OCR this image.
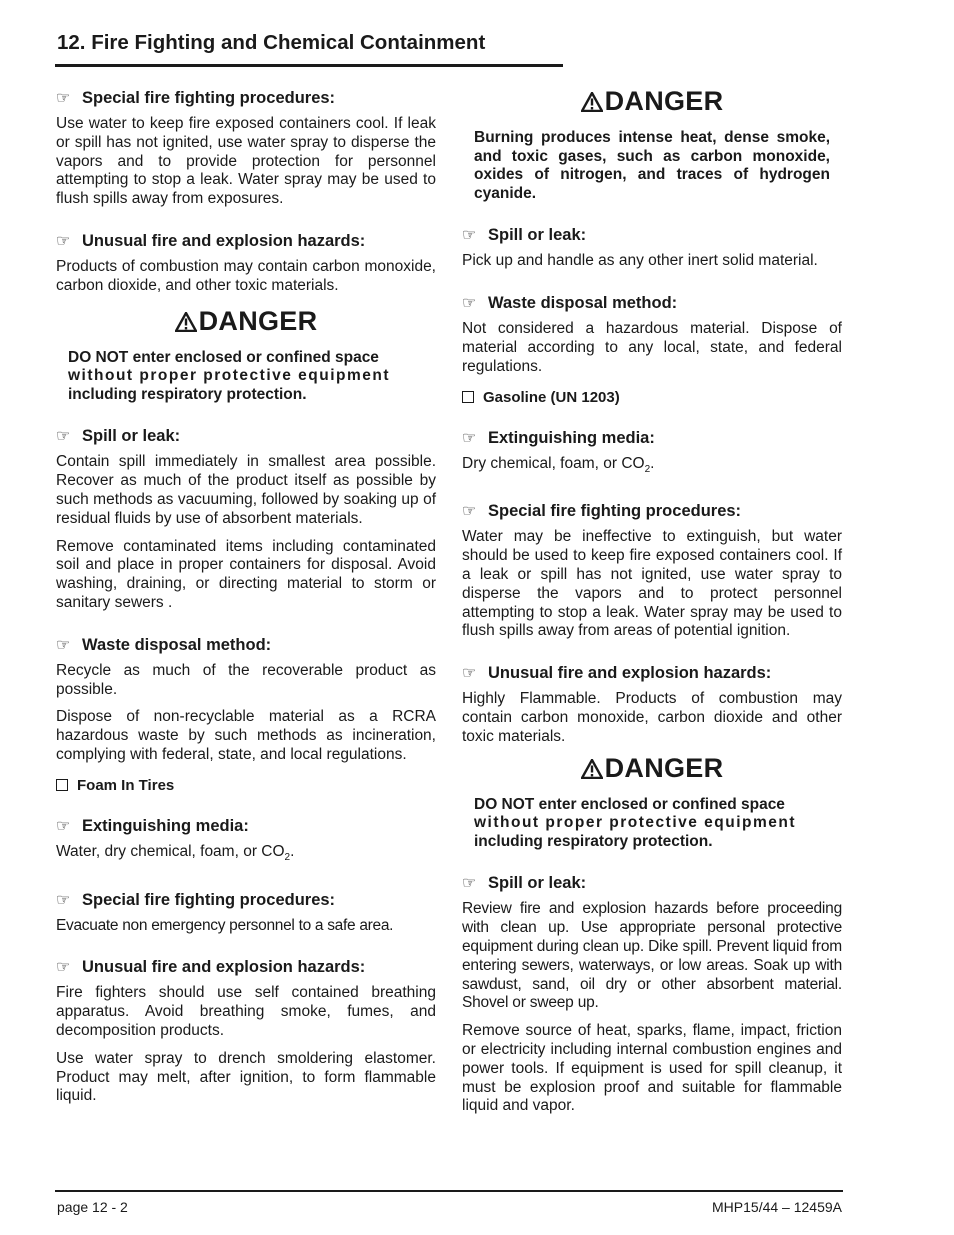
12. Fire Fighting and Chemical Containment
☞ Special fire fighting procedures:

Use water to keep fire exposed containers cool. If leak or spill has not ignited, use water spray to disperse the vapors and to provide protection for personnel attempting to stop a leak. Water spray may be used to flush spills away from exposures.

☞ Unusual fire and explosion hazards:

Products of combustion may contain carbon monoxide, carbon dioxide, and other toxic materials.

DANGER
DO NOT enter enclosed or confined space
without proper protective equipment
including respiratory protection.
☞ Spill or leak:

Contain spill immediately in smallest area possible. Recover as much of the product itself as possible by such methods as vacuuming, followed by soaking up of residual fluids by use of absorbent materials.

Remove contaminated items including contaminated soil and place in proper containers for disposal. Avoid washing, draining, or directing material to storm or sanitary sewers .

☞ Waste disposal method:

Recycle as much of the recoverable product as possible.

Dispose of non-recyclable material as a RCRA hazardous waste by such methods as incineration, complying with federal, state, and local regulations.

Foam In Tires
☞ Extinguishing media:

Water, dry chemical, foam, or $CO_2$.

☞ Special fire fighting procedures:

Evacuate non emergency personnel to a safe area.

☞ Unusual fire and explosion hazards:

Fire fighters should use self contained breathing apparatus. Avoid breathing smoke, fumes, and decomposition products.

Use water spray to drench smoldering elastomer. Product may melt, after ignition, to form flammable liquid.

DANGER

Burning produces intense heat, dense smoke, and toxic gases, such as carbon monoxide, oxides of nitrogen, and traces of hydrogen cyanide.

☞ Spill or leak:

Pick up and handle as any other inert solid material.

☞ Waste disposal method:

Not considered a hazardous material. Dispose of material according to any local, state, and federal regulations.

Gasoline (UN 1203)
☞ Extinguishing media:

Dry chemical, foam, or $CO_2$.

☞ Special fire fighting procedures:

Water may be ineffective to extinguish, but water should be used to keep fire exposed containers cool. If a leak or spill has not ignited, use water spray to disperse the vapors and to protect personnel attempting to stop a leak. Water spray may be used to flush spills away from areas of potential ignition.

☞ Unusual fire and explosion hazards:

Highly Flammable. Products of combustion may contain carbon monoxide, carbon dioxide and other toxic materials.

DANGER
DO NOT enter enclosed or confined space
without proper protective equipment
including respiratory protection.
☞ Spill or leak:

Review fire and explosion hazards before proceeding with clean up. Use appropriate personal protective equipment during clean up. Dike spill. Prevent liquid from entering sewers, waterways, or low areas. Soak up with sawdust, sand, oil dry or other absorbent material. Shovel or sweep up.

Remove source of heat, sparks, flame, impact, friction or electricity including internal combustion engines and power tools. If equipment is used for spill cleanup, it must be explosion proof and suitable for flammable liquid and vapor.

page 12 - 2	MHP15/44 – 12459A
